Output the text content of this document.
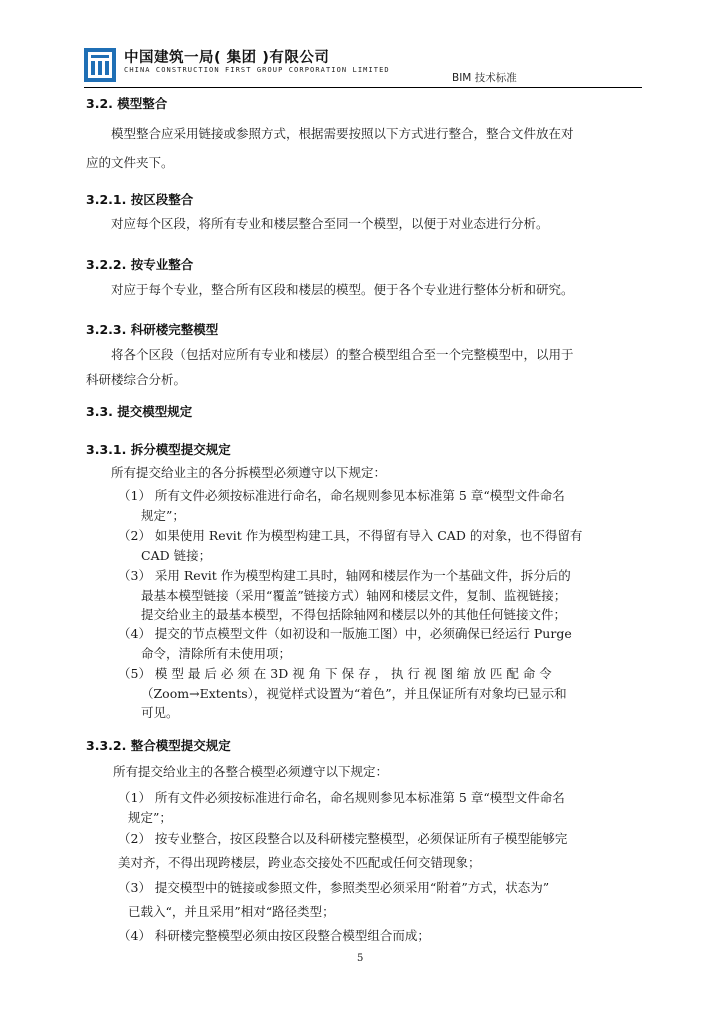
中国建筑一局( 集团 )有限公司
CHINA CONSTRUCTION FIRST GROUP CORPORATION LIMITED
BIM 技术标准
3.2. 模型整合
模型整合应采用链接或参照方式，根据需要按照以下方式进行整合，整合文件放在对
应的文件夹下。
3.2.1. 按区段整合
对应每个区段，将所有专业和楼层整合至同一个模型，以便于对业态进行分析。
3.2.2. 按专业整合
对应于每个专业，整合所有区段和楼层的模型。便于各个专业进行整体分析和研究。
3.2.3. 科研楼完整模型
将各个区段（包括对应所有专业和楼层）的整合模型组合至一个完整模型中，以用于
科研楼综合分析。
3.3. 提交模型规定
3.3.1. 拆分模型提交规定
所有提交给业主的各分拆模型必须遵守以下规定：
（1） 所有文件必须按标准进行命名，命名规则参见本标准第 5 章“模型文件命名
规定”；
（2） 如果使用 Revit 作为模型构建工具，不得留有导入 CAD 的对象，也不得留有
CAD 链接；
（3） 采用 Revit 作为模型构建工具时，轴网和楼层作为一个基础文件，拆分后的
最基本模型链接（采用“覆盖”链接方式）轴网和楼层文件，复制、监视链接；
提交给业主的最基本模型，不得包括除轴网和楼层以外的其他任何链接文件；
（4） 提交的节点模型文件（如初设和一版施工图）中，必须确保已经运行 Purge
命令，清除所有未使用项；
（5） 模 型 最 后 必 须 在 3D 视 角 下 保 存 ， 执 行 视 图 缩 放 匹 配 命 令
（Zoom→Extents），视觉样式设置为“着色”，并且保证所有对象均已显示和
可见。
3.3.2. 整合模型提交规定
所有提交给业主的各整合模型必须遵守以下规定：
（1） 所有文件必须按标准进行命名，命名规则参见本标准第 5 章“模型文件命名
规定”；
（2） 按专业整合，按区段整合以及科研楼完整模型，必须保证所有子模型能够完
美对齐，不得出现跨楼层，跨业态交接处不匹配或任何交错现象；
（3） 提交模型中的链接或参照文件，参照类型必须采用“附着”方式，状态为”
已载入“，并且采用”相对“路径类型；
（4） 科研楼完整模型必须由按区段整合模型组合而成；
5
